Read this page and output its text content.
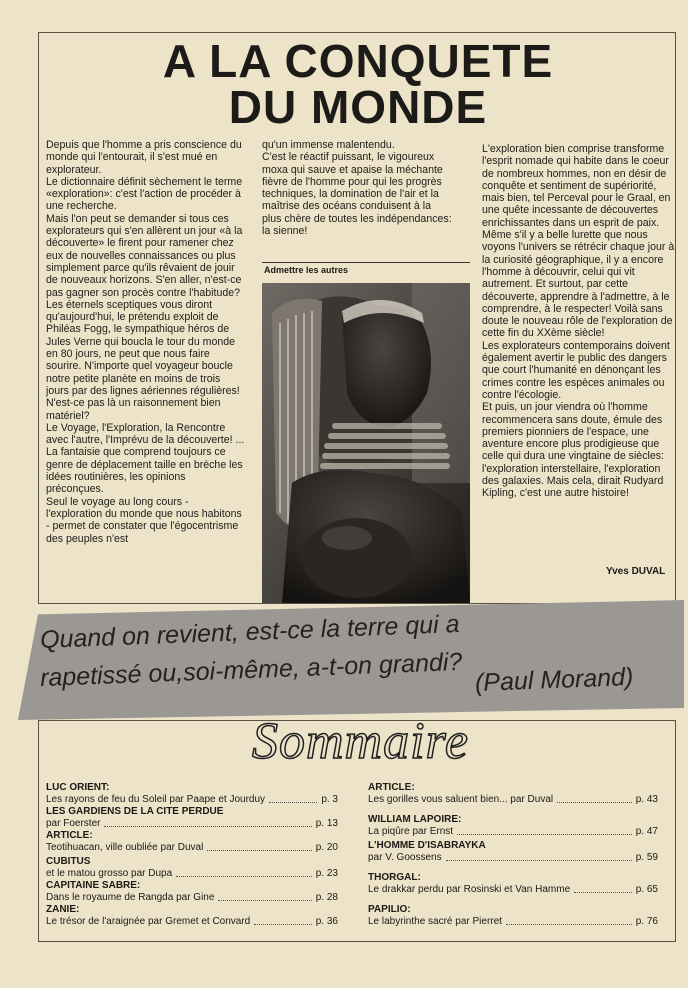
A LA CONQUETE
DU MONDE
Depuis que l'homme a pris conscience du monde qui l'entourait, il s'est mué en explorateur.
Le dictionnaire définit sèchement le terme «exploration»: c'est l'action de procéder à une recherche.
Mais l'on peut se demander si tous ces explorateurs qui s'en allèrent un jour «à la découverte» le firent pour ramener chez eux de nouvelles connaissances ou plus simplement parce qu'ils rêvaient de jouir de nouveaux horizons. S'en aller, n'est-ce pas gagner son procès contre l'habitude?
Les éternels sceptiques vous diront qu'aujourd'hui, le prétendu exploit de Philéas Fogg, le sympathique héros de Jules Verne qui boucla le tour du monde en 80 jours, ne peut que nous faire sourire. N'importe quel voyageur boucle notre petite planète en moins de trois jours par des lignes aériennes régulières! N'est-ce pas là un raisonnement bien matériel?
Le Voyage, l'Exploration, la Rencontre avec l'autre, l'Imprévu de la découverte! ... La fantaisie que comprend toujours ce genre de déplacement taille en brèche les idées routinières, les opinions préconçues.
Seul le voyage au long cours - l'exploration du monde que nous habitons - permet de constater que l'égocentrisme des peuples n'est
qu'un immense malentendu.
C'est le réactif puissant, le vigoureux moxa qui sauve et apaise la méchante fièvre de l'homme pour qui les progrès techniques, la domination de l'air et la maîtrise des océans conduisent à la plus chère de toutes les indépendances: la sienne!
L'exploration bien comprise transforme l'esprit nomade qui habite dans le coeur de nombreux hommes, non en désir de conquête et sentiment de supériorité, mais bien, tel Perceval pour le Graal, en une quête incessante de découvertes enrichissantes dans un esprit de paix.
Même s'il y a belle lurette que nous voyons l'univers se rétrécir chaque jour à la curiosité géographique, il y a encore l'homme à découvrir, celui qui vit autrement. Et surtout, par cette découverte, apprendre à l'admettre, à le comprendre, à le respecter! Voilà sans doute le nouveau rôle de l'exploration de cette fin du XXème siècle!
Les explorateurs contemporains doivent également avertir le public des dangers que court l'humanité en dénonçant les crimes contre les espèces animales ou contre l'écologie.
Et puis, un jour viendra où l'homme recommencera sans doute, émule des premiers pionniers de l'espace, une aventure encore plus prodigieuse que celle qui dura une vingtaine de siècles: l'exploration interstellaire, l'exploration des galaxies. Mais cela, dirait Rudyard Kipling, c'est une autre histoire!
Admettre les autres
Yves DUVAL
Quand on revient, est-ce la terre qui a
rapetissé ou,soi-même, a-t-on grandi? (Paul Morand)
Sommaire
LUC ORIENT:
Les rayons de feu du Soleil par Paape et Jourduy	p. 3
LES GARDIENS DE LA CITE PERDUE
par Foerster	p. 13
ARTICLE:
Teotihuacan, ville oubliée par Duval	p. 20
CUBITUS
et le matou grosso par Dupa	p. 23
CAPITAINE SABRE:
Dans le royaume de Rangda par Gine	p. 28
ZANIE:
Le trésor de l'araignée par Gremet et Convard	p. 36
ARTICLE:
Les gorilles vous saluent bien... par Duval	p. 43
WILLIAM LAPOIRE:
La piqûre par Ernst	p. 47
L'HOMME D'ISABRAYKA
par V. Goossens	p. 59
THORGAL:
Le drakkar perdu par Rosinski et Van Hamme	p. 65
PAPILIO:
Le labyrinthe sacré par Pierret	p. 76
